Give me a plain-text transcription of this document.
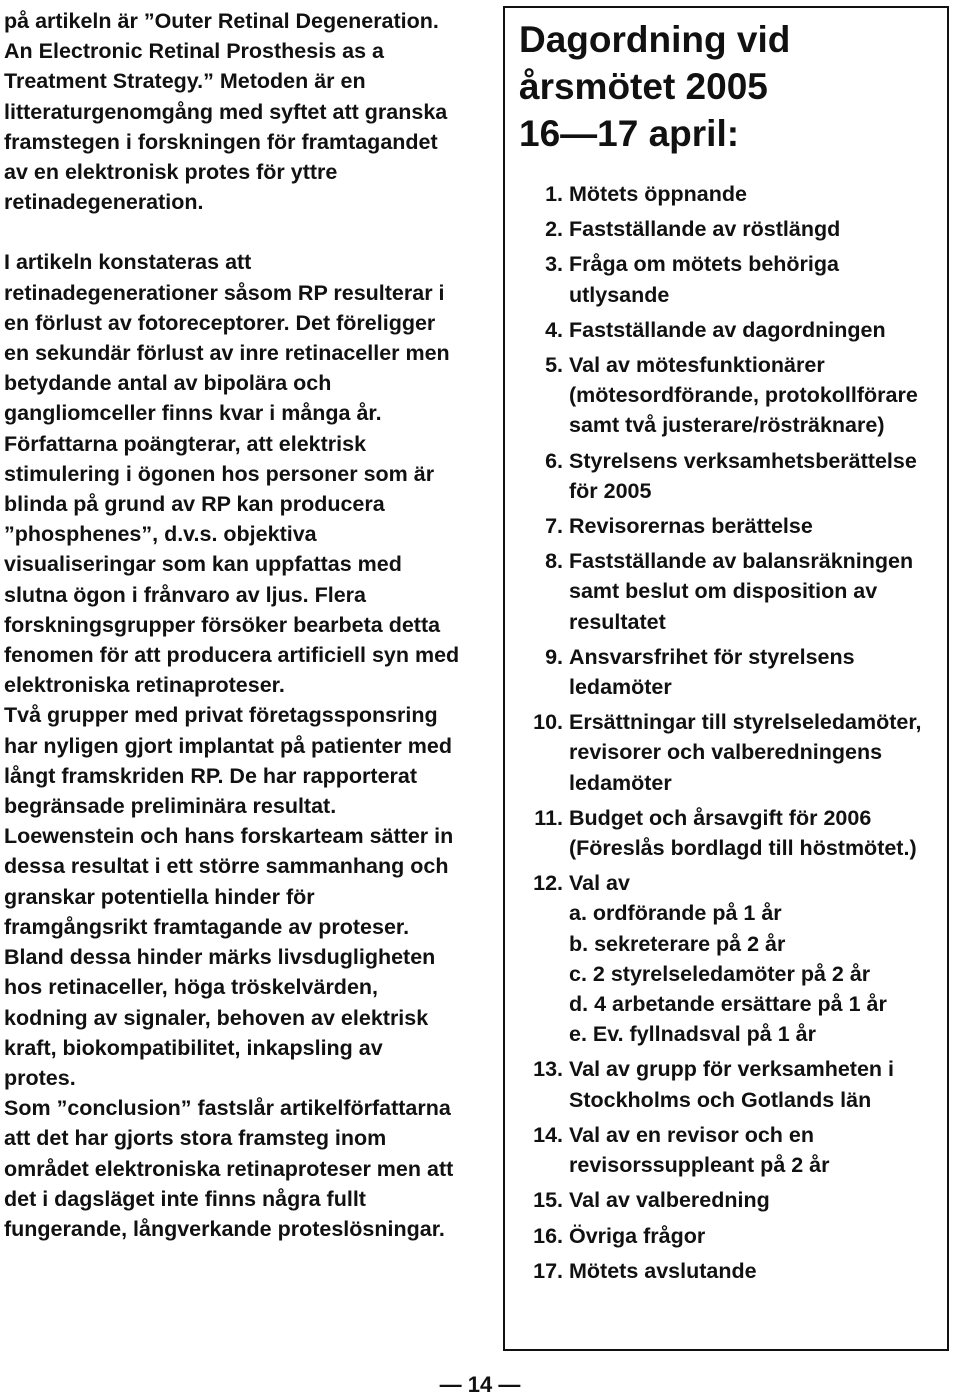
på artikeln är ”Outer Retinal Degeneration. An Electronic Retinal Prosthesis as a Treatment Strategy.” Metoden är en litteraturgenomgång med syftet att granska framstegen i forskningen för framtagandet av en elektronisk protes för yttre retinadegeneration.

I artikeln konstateras att retinadegenerationer såsom RP resulterar i en förlust av fotoreceptorer. Det föreligger en sekundär förlust av inre retinaceller men betydande antal av bipolära och gangliomceller finns kvar i många år. Författarna poängterar, att elektrisk stimulering i ögonen hos personer som är blinda på grund av RP kan producera ”phosphenes”, d.v.s. objektiva visualiseringar som kan uppfattas med slutna ögon i frånvaro av ljus. Flera forskningsgrupper försöker bearbeta detta fenomen för att producera artificiell syn med elektroniska retinaproteser.

Två grupper med privat företagssponsring har nyligen gjort implantat på patienter med långt framskriden RP. De har rapporterat begränsade preliminära resultat. Loewenstein och hans forskarteam sätter in dessa resultat i ett större sammanhang och granskar potentiella hinder för framgångsrikt framtagande av proteser. Bland dessa hinder märks livsdugligheten hos retinaceller, höga tröskelvärden, kodning av signaler, behoven av elektrisk kraft, biokompatibilitet, inkapsling av protes.

Som ”conclusion” fastslår artikelförfattarna att det har gjorts stora framsteg inom området elektroniska retinaproteser men att det i dagsläget inte finns några fullt fungerande, långverkande proteslösningar.

Dagordning vid
årsmötet 2005
16—17 april:
1. Mötets öppnande
2. Fastställande av röstlängd
3. Fråga om mötets behöriga utlysande
4. Fastställande av dagordningen
5. Val av mötesfunktionärer (mötesordförande, protokollförare samt två justerare/rösträknare)
6. Styrelsens verksamhetsberättelse för 2005
7. Revisorernas berättelse
8. Fastställande av balansräkningen samt beslut om disposition av resultatet
9. Ansvarsfrihet för styrelsens ledamöter
10. Ersättningar till styrelseledamöter, revisorer och valberedningens ledamöter
11. Budget och årsavgift för 2006 (Föreslås bordlagd till höstmötet.)
12. Val av
a. ordförande på 1 år
b. sekreterare på 2 år
c. 2 styrelseledamöter på 2 år
d. 4 arbetande ersättare på 1 år
e. Ev. fyllnadsval på 1 år
13. Val av grupp för verksamheten i Stockholms och Gotlands län
14. Val av en revisor och en revisorssuppleant på 2 år
15. Val av valberedning
16. Övriga frågor
17. Mötets avslutande
— 14 —
